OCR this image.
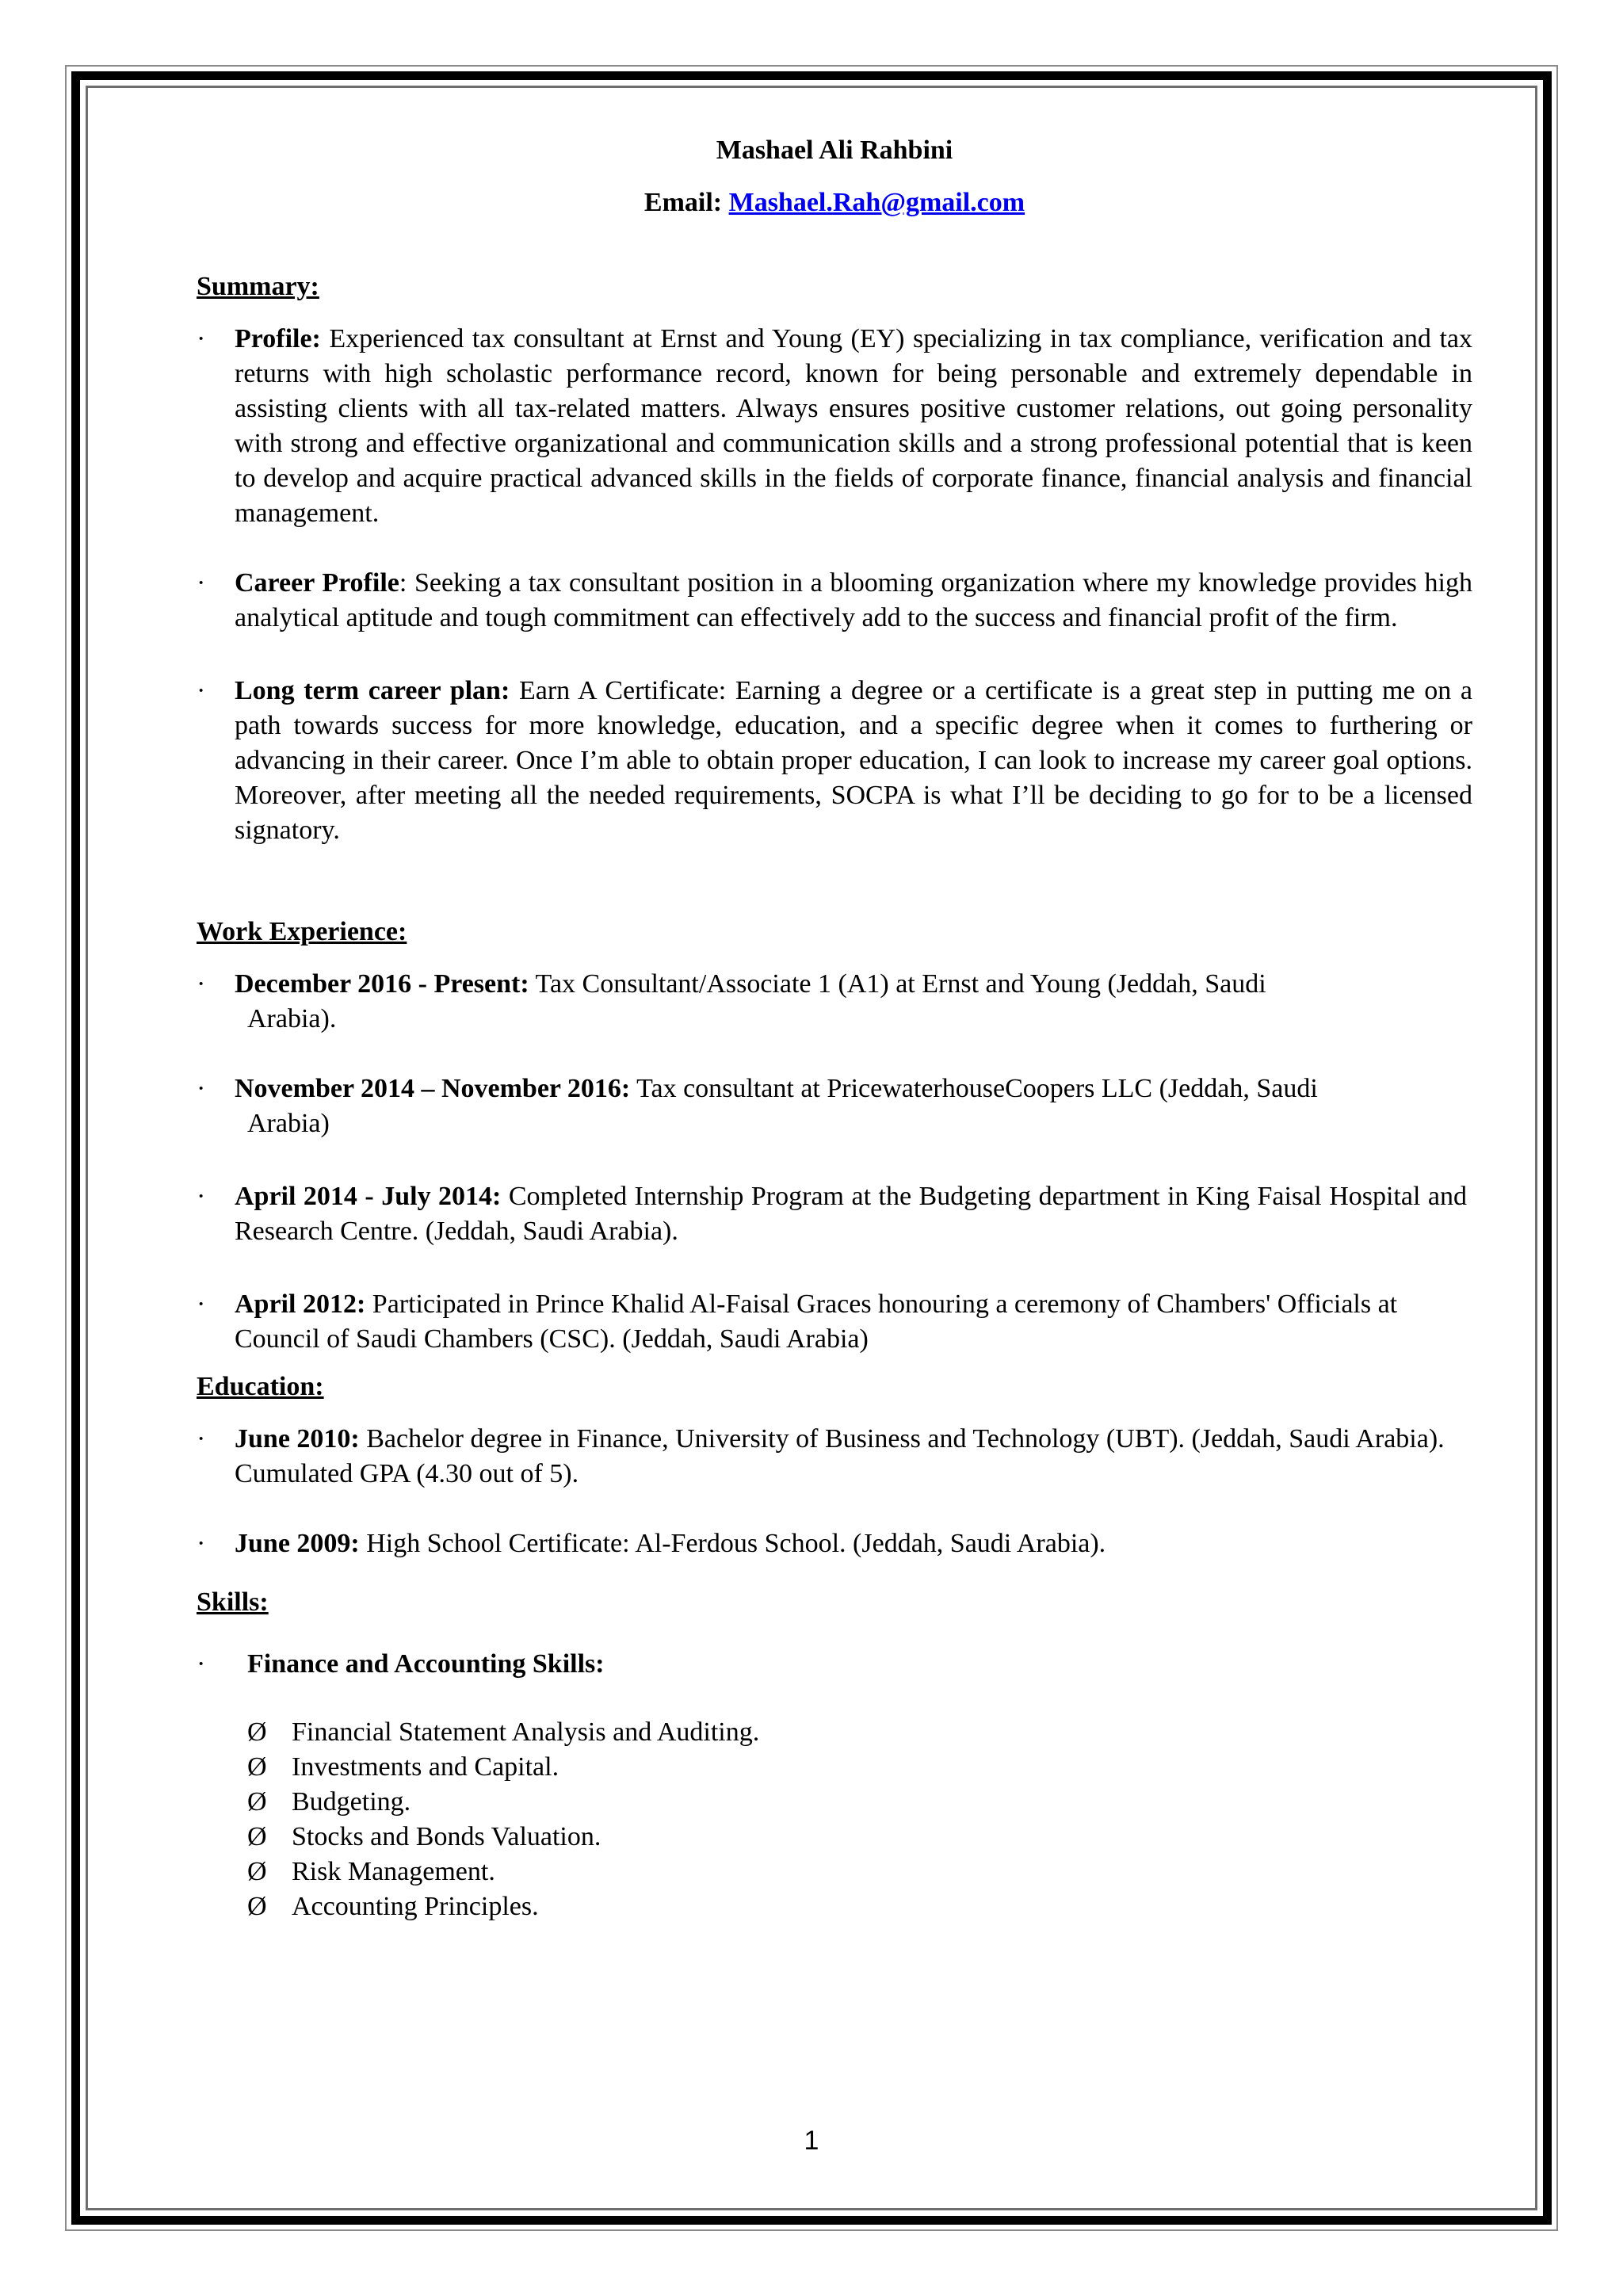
Mashael Ali Rahbini
Email: Mashael.Rah@gmail.com
Summary:
· Profile: Experienced tax consultant at Ernst and Young (EY) specializing in tax compliance, verification and tax returns with high scholastic performance record, known for being personable and extremely dependable in assisting clients with all tax-related matters. Always ensures positive customer relations, out going personality with strong and effective organizational and communication skills and a strong professional potential that is keen to develop and acquire practical advanced skills in the fields of corporate finance, financial analysis and financial management.
· Career Profile: Seeking a tax consultant position in a blooming organization where my knowledge provides high analytical aptitude and tough commitment can effectively add to the success and financial profit of the firm.
· Long term career plan: Earn A Certificate: Earning a degree or a certificate is a great step in putting me on a path towards success for more knowledge, education, and a specific degree when it comes to furthering or advancing in their career. Once I’m able to obtain proper education, I can look to increase my career goal options. Moreover, after meeting all the needed requirements, SOCPA is what I’ll be deciding to go for to be a licensed signatory.
Work Experience:
· December 2016 - Present: Tax Consultant/Associate 1 (A1) at Ernst and Young (Jeddah, Saudi
Arabia).
· November 2014 – November 2016: Tax consultant at PricewaterhouseCoopers LLC (Jeddah, Saudi
Arabia)
· April 2014 - July 2014: Completed Internship Program at the Budgeting department in King Faisal Hospital and Research Centre. (Jeddah, Saudi Arabia).
· April 2012: Participated in Prince Khalid Al-Faisal Graces honouring a ceremony of Chambers' Officials at Council of Saudi Chambers (CSC). (Jeddah, Saudi Arabia)
Education:
· June 2010: Bachelor degree in Finance, University of Business and Technology (UBT). (Jeddah, Saudi Arabia). Cumulated GPA (4.30 out of 5).
· June 2009: High School Certificate: Al-Ferdous School. (Jeddah, Saudi Arabia).
Skills:
· Finance and Accounting Skills:
Ø Financial Statement Analysis and Auditing.
Ø Investments and Capital.
Ø Budgeting.
Ø Stocks and Bonds Valuation.
Ø Risk Management.
Ø Accounting Principles.
1
